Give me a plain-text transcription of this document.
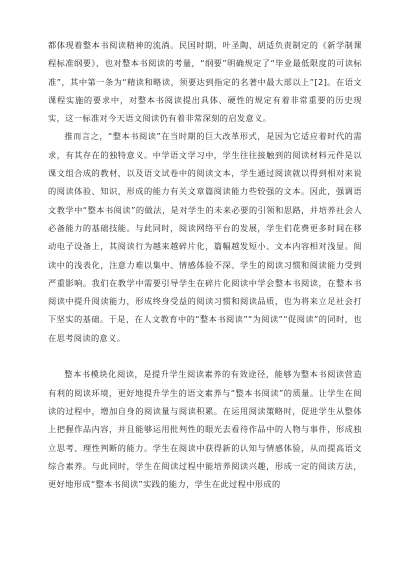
都体现着整本书阅读精神的流淌。民国时期，叶圣陶、胡适负责制定的《新学制课程标准纲要》，也对整本书阅读的考量，“纲要”明确规定了“毕业最低限度的可读标准”，其中第一条为“精读和略读，须要达到指定的名著中最大部以上”[2]。在语文课程实施的要求中，对整本书阅读提出具体、硬性的规定有着非常重要的历史现实，这一标准对今天语文阅读仍有着非常深刻的启发意义。

推而言之，“整本书阅读”在当时期的巨大改革形式，是因为它适应着时代的需求，有其存在的独特意义。中学语文学习中，学生往往接触到的阅读材料元件是以课文组合成的教材，以及语文试卷中的阅读文本，学生通过阅读就以得到相对来说的阅读体验、知识，形成的能力有关文章篇阅读能力些较强的文本。因此，强调语文教学中“整本书阅读”的做法，是对学生的未来必要的引领和思路，并培养社会人必备能力的基础技能。与此同时，阅读网络平台的发展，学生们花费更多时间在移动电子设备上，其阅读行为越来越碎片化，篇幅越发短小、文本内容相对浅显。阅读中的浅表化，注意力难以集中、情感体验不深、学生的阅读习惯和阅读能力受到严重影响。我们在教学中需要引导学生在碎片化阅读中学会整本书阅读，在整本书阅读中提升阅读能力，形成终身受益的阅读习惯和阅读品质，也为将来立足社会打下坚实的基础。于是，在人文教育中的“整本书阅读”“为阅读”“促阅读”的同时，也在思考阅读的意义。

整本书模块化阅读，是提升学生阅读素养的有效途径，能够为整本书阅读营造有利的阅读环境，更好地提升学生的语文素养与“整本书阅读”的质量。让学生在阅读的过程中，增加自身的阅读量与阅读积累。在运用阅读策略时，促进学生从整体上把握作品内容，并且能够运用批判性的眼光去看待作品中的人物与事件，形成独立思考、理性判断的能力。学生在阅读中获得新的认知与情感体验，从而提高语文综合素养。与此同时，学生在阅读过程中能培养阅读兴趣，形成一定的阅读方法，更好地形成“整本书阅读”实践的能力，学生在此过程中形成的
